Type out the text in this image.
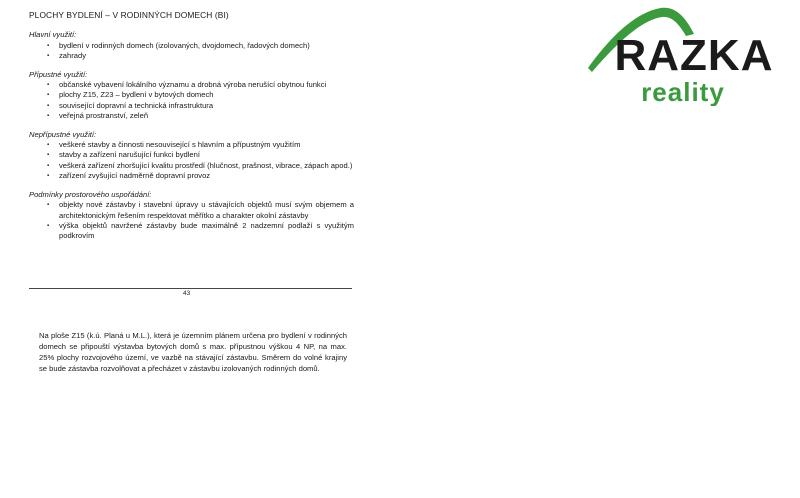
PLOCHY BYDLENÍ – V RODINNÝCH DOMECH (BI)

Hlavní využití:

▪ bydlení v rodinných domech (izolovaných, dvojdomech, řadových domech)
▪ zahrady

Přípustné využití:

▪ občanské vybavení lokálního významu a drobná výroba nerušící obytnou funkci
▪ plochy Z15, Z23 – bydlení v bytových domech
▪ související dopravní a technická infrastruktura
▪ veřejná prostranství, zeleň

Nepřípustné využití:

▪ veškeré stavby a činnosti nesouvisející s hlavním a přípustným využitím
▪ stavby a zařízení narušující funkci bydlení
▪ veškerá zařízení zhoršující kvalitu prostředí (hlučnost, prašnost, vibrace, zápach apod.)
▪ zařízení zvyšující nadměrně dopravní provoz

Podmínky prostorového uspořádání:

▪ objekty nové zástavby i stavební úpravy u stávajících objektů musí svým objemem a architektonickým řešením respektovat měřítko a charakter okolní zástavby
▪ výška objektů navržené zástavby bude maximálně 2 nadzemní podlaží s využitým podkrovím
43

Na ploše Z15 (k.ú. Planá u M.L.), která je územním plánem určena pro bydlení v rodinných domech se připouští výstavba bytových domů s max. přípustnou výškou 4 NP, na max. 25% plochy rozvojového území, ve vazbě na stávající zástavbu. Směrem do volné krajiny se bude zástavba rozvolňovat a přecházet v zástavbu izolovaných rodinných domů.

RAZKA
reality
